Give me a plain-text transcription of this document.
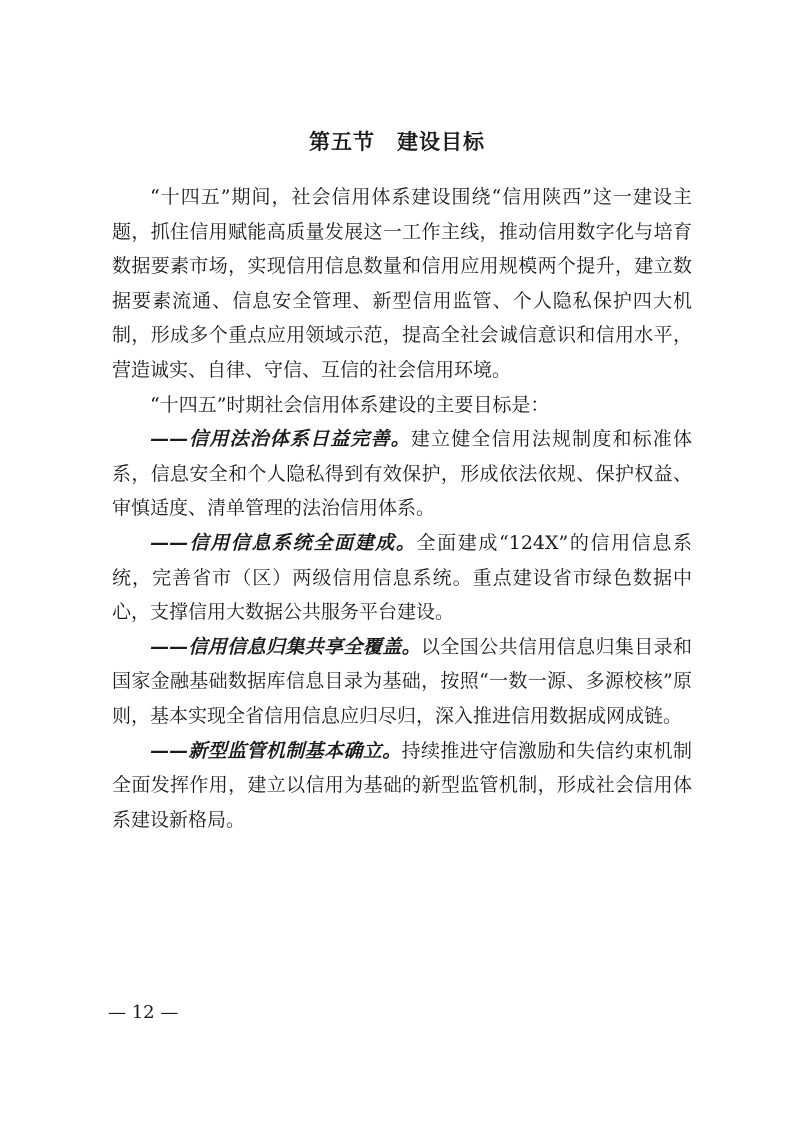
第五节　建设目标

“十四五”期间，社会信用体系建设围绕“信用陕西”这一建设主题，抓住信用赋能高质量发展这一工作主线，推动信用数字化与培育数据要素市场，实现信用信息数量和信用应用规模两个提升，建立数据要素流通、信息安全管理、新型信用监管、个人隐私保护四大机制，形成多个重点应用领域示范，提高全社会诚信意识和信用水平，营造诚实、自律、守信、互信的社会信用环境。

“十四五”时期社会信用体系建设的主要目标是：

——信用法治体系日益完善。建立健全信用法规制度和标准体系，信息安全和个人隐私得到有效保护，形成依法依规、保护权益、审慎适度、清单管理的法治信用体系。

——信用信息系统全面建成。全面建成“124X”的信用信息系统，完善省市（区）两级信用信息系统。重点建设省市绿色数据中心，支撑信用大数据公共服务平台建设。

——信用信息归集共享全覆盖。以全国公共信用信息归集目录和国家金融基础数据库信息目录为基础，按照“一数一源、多源校核”原则，基本实现全省信用信息应归尽归，深入推进信用数据成网成链。

——新型监管机制基本确立。持续推进守信激励和失信约束机制全面发挥作用，建立以信用为基础的新型监管机制，形成社会信用体系建设新格局。

— 12 —
